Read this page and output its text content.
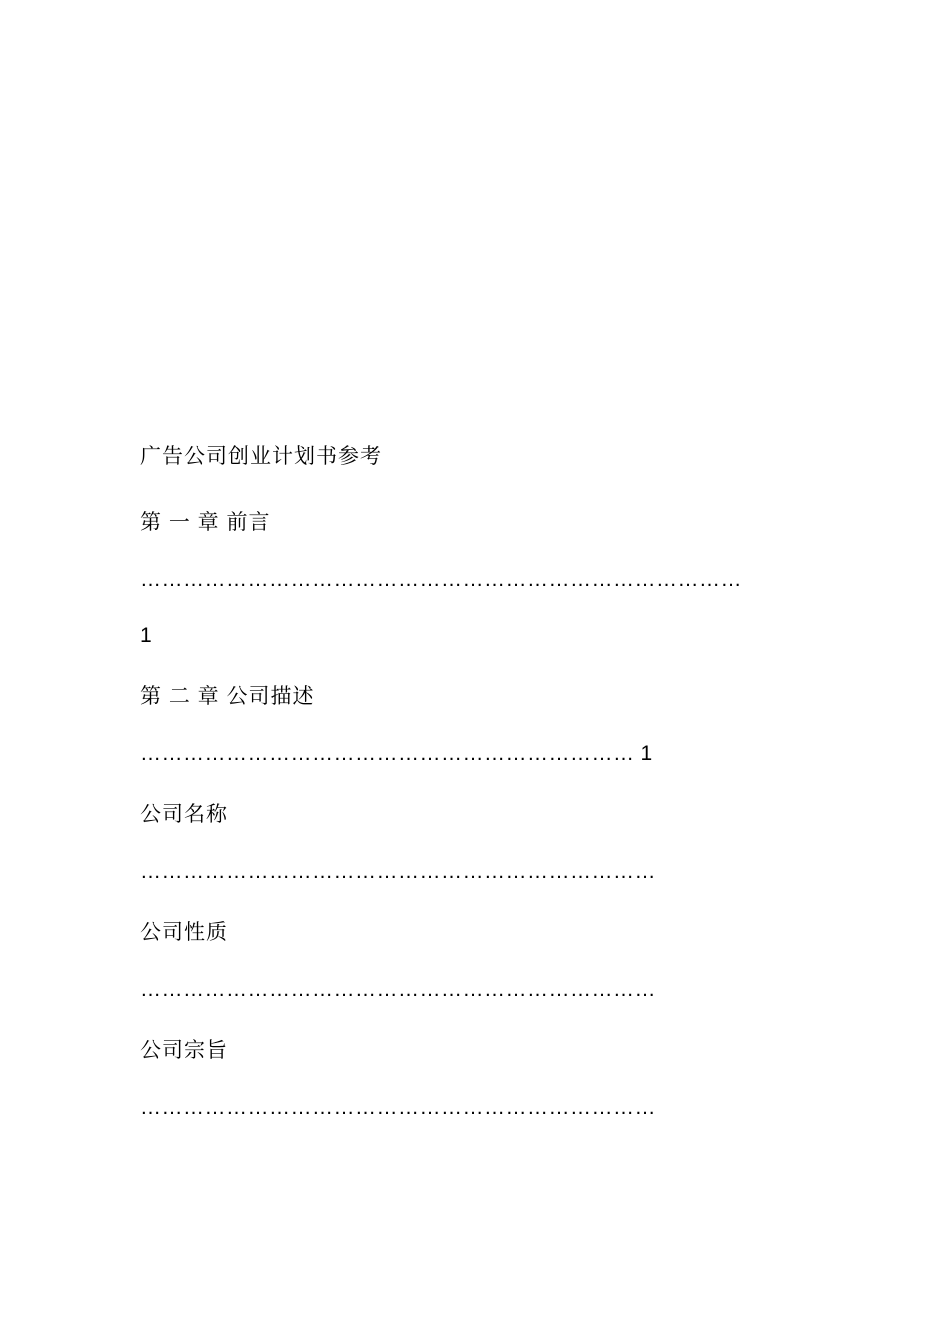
广告公司创业计划书参考
第 一 章 前言
…………………………………………………………………………
1
第 二 章 公司描述
…………………………………………………………… 1
公司名称
………………………………………………………………
公司性质
………………………………………………………………
公司宗旨
………………………………………………………………
